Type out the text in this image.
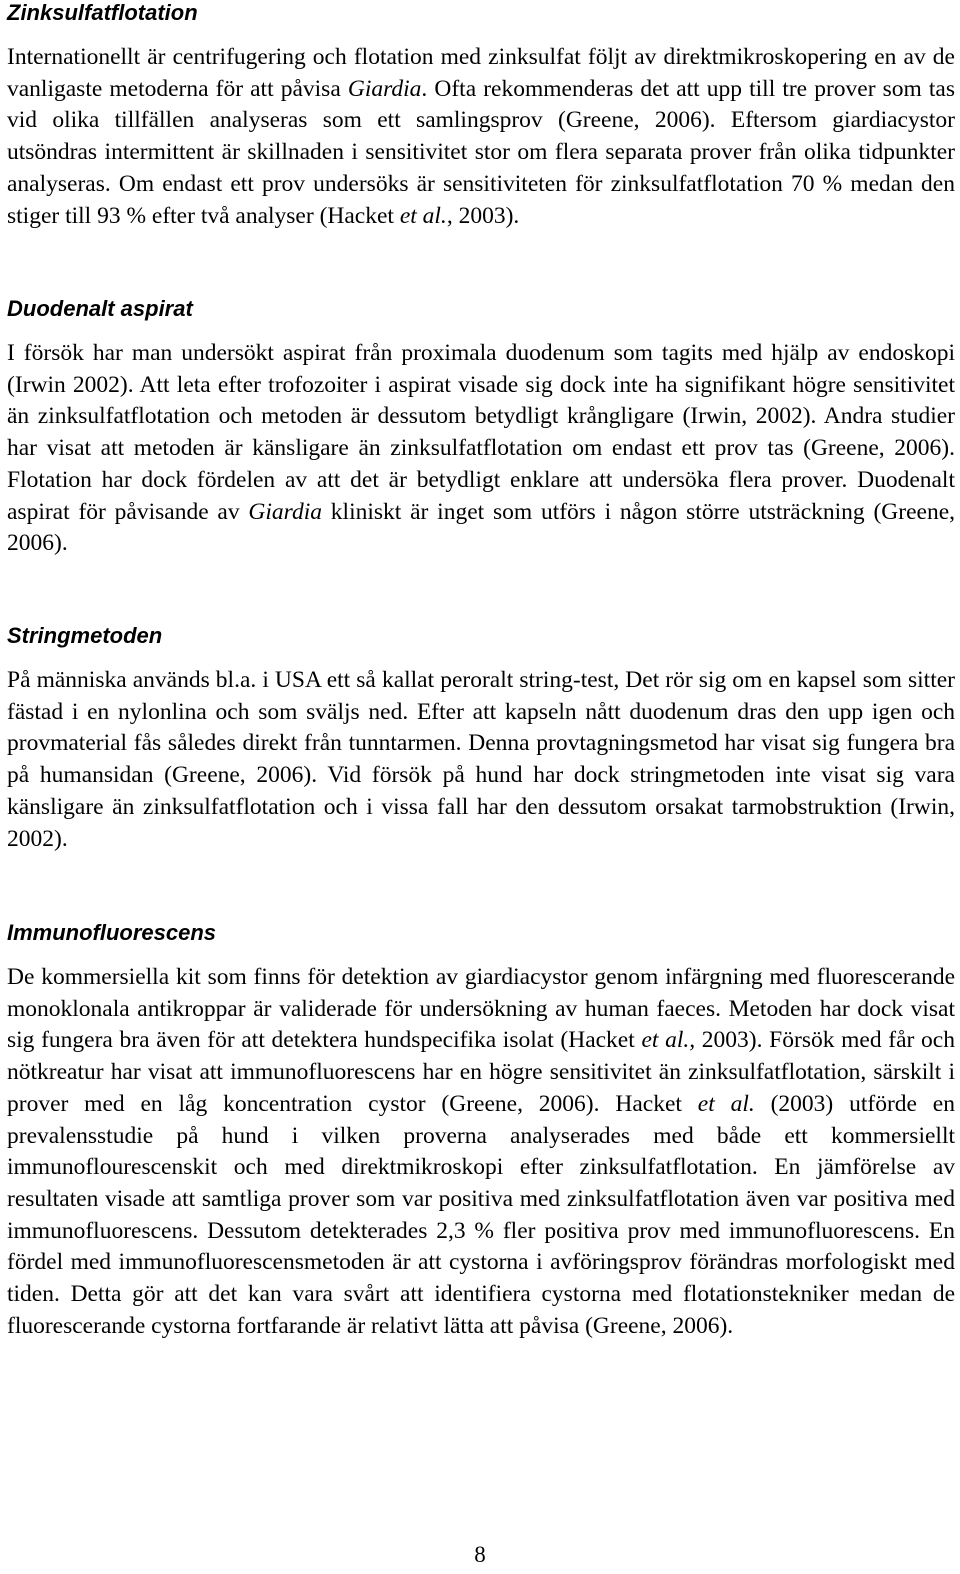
Zinksulfatflotation

Internationellt är centrifugering och flotation med zinksulfat följt av direktmikroskopering en av de vanligaste metoderna för att påvisa Giardia. Ofta rekommenderas det att upp till tre prover som tas vid olika tillfällen analyseras som ett samlingsprov (Greene, 2006). Eftersom giardiacystor utsöndras intermittent är skillnaden i sensitivitet stor om flera separata prover från olika tidpunkter analyseras. Om endast ett prov undersöks är sensitiviteten för zinksulfatflotation 70 % medan den stiger till 93 % efter två analyser (Hacket et al., 2003).

Duodenalt aspirat

I försök har man undersökt aspirat från proximala duodenum som tagits med hjälp av endoskopi (Irwin 2002). Att leta efter trofozoiter i aspirat visade sig dock inte ha signifikant högre sensitivitet än zinksulfatflotation och metoden är dessutom betydligt krångligare (Irwin, 2002). Andra studier har visat att metoden är känsligare än zinksulfatflotation om endast ett prov tas (Greene, 2006). Flotation har dock fördelen av att det är betydligt enklare att undersöka flera prover. Duodenalt aspirat för påvisande av Giardia kliniskt är inget som utförs i någon större utsträckning (Greene, 2006).

Stringmetoden

På människa används bl.a. i USA ett så kallat peroralt string-test, Det rör sig om en kapsel som sitter fästad i en nylonlina och som sväljs ned. Efter att kapseln nått duodenum dras den upp igen och provmaterial fås således direkt från tunntarmen. Denna provtagningsmetod har visat sig fungera bra på humansidan (Greene, 2006). Vid försök på hund har dock stringmetoden inte visat sig vara känsligare än zinksulfatflotation och i vissa fall har den dessutom orsakat tarmobstruktion (Irwin, 2002).

Immunofluorescens

De kommersiella kit som finns för detektion av giardiacystor genom infärgning med fluorescerande monoklonala antikroppar är validerade för undersökning av human faeces. Metoden har dock visat sig fungera bra även för att detektera hundspecifika isolat (Hacket et al., 2003). Försök med får och nötkreatur har visat att immunofluorescens har en högre sensitivitet än zinksulfatflotation, särskilt i prover med en låg koncentration cystor (Greene, 2006). Hacket et al. (2003) utförde en prevalensstudie på hund i vilken proverna analyserades med både ett kommersiellt immunoflourescenskit och med direktmikroskopi efter zinksulfatflotation. En jämförelse av resultaten visade att samtliga prover som var positiva med zinksulfatflotation även var positiva med immunofluorescens. Dessutom detekterades 2,3 % fler positiva prov med immunofluorescens. En fördel med immunofluorescensmetoden är att cystorna i avföringsprov förändras morfologiskt med tiden. Detta gör att det kan vara svårt att identifiera cystorna med flotationstekniker medan de fluorescerande cystorna fortfarande är relativt lätta att påvisa (Greene, 2006).

8
